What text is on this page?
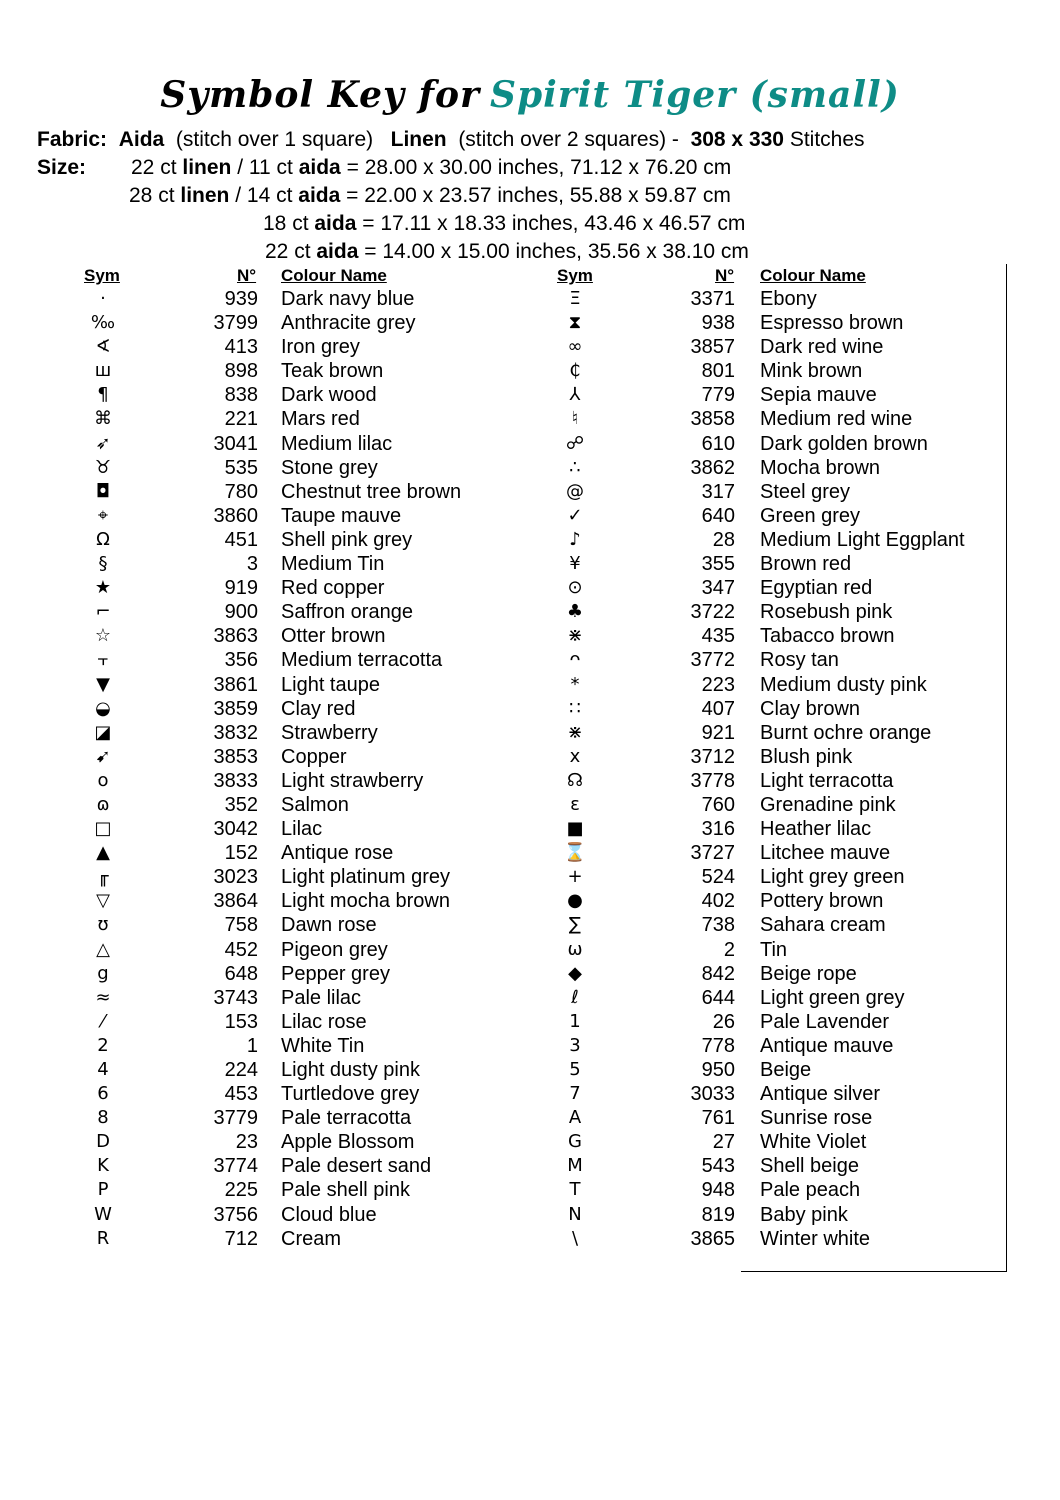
Symbol Key for Spirit Tiger (small)
Fabric: Aida (stitch over 1 square) Linen (stitch over 2 squares) - 308 x 330 Stitches
Size: 22 ct linen / 11 ct aida = 28.00 x 30.00 inches, 71.12 x 76.20 cm
28 ct linen / 14 ct aida = 22.00 x 23.57 inches, 55.88 x 59.87 cm
18 ct aida = 17.11 x 18.33 inches, 43.46 x 46.57 cm
22 ct aida = 14.00 x 15.00 inches, 35.56 x 38.10 cm
Sym	N° Colour Name	Sym	N° Colour Name
·	939 Dark navy blue	Ξ	3371 Ebony
‰	3799 Anthracite grey	⧗	938 Espresso brown
∢	413 Iron grey	∞	3857 Dark red wine
ш	898 Teak brown	₵	801 Mink brown
¶	838 Dark wood	⅄	779 Sepia mauve
⌘	221 Mars red	♮	3858 Medium red wine
➶	3041 Medium lilac	☍	610 Dark golden brown
♉	535 Stone grey	∴	3862 Mocha brown
◘	780 Chestnut tree brown	@	317 Steel grey
⌖	3860 Taupe mauve	✓	640 Green grey
Ω	451 Shell pink grey	♪	28 Medium Light Eggplant
§	3 Medium Tin	¥	355 Brown red
★	919 Red copper	⊙	347 Egyptian red
⌐	900 Saffron orange	♣	3722 Rosebush pink
☆	3863 Otter brown	⋇	435 Tabacco brown
⫟	356 Medium terracotta	ᴖ	3772 Rosy tan
▼	3861 Light taupe	*	223 Medium dusty pink
◒	3859 Clay red	∷	407 Clay brown
◪	3832 Strawberry	⋇	921 Burnt ochre orange
➹	3853 Copper	x	3712 Blush pink
o	3833 Light strawberry	☊	3778 Light terracotta
ɷ	352 Salmon	ε	760 Grenadine pink
□	3042 Lilac	■	316 Heather lilac
▲	152 Antique rose	⌛	3727 Litchee mauve
╓	3023 Light platinum grey	+	524 Light grey green
▽	3864 Light mocha brown	●	402 Pottery brown
ʊ	758 Dawn rose	∑	738 Sahara cream
△	452 Pigeon grey	ω	2 Tin
g	648 Pepper grey	◆	842 Beige rope
≈	3743 Pale lilac	ℓ	644 Light green grey
⁄	153 Lilac rose	1	26 Pale Lavender
2	1 White Tin	3	778 Antique mauve
4	224 Light dusty pink	5	950 Beige
6	453 Turtledove grey	7	3033 Antique silver
8	3779 Pale terracotta	A	761 Sunrise rose
D	23 Apple Blossom	G	27 White Violet
K	3774 Pale desert sand	M	543 Shell beige
P	225 Pale shell pink	T	948 Pale peach
W	3756 Cloud blue	N	819 Baby pink
R	712 Cream	\	3865 Winter white
